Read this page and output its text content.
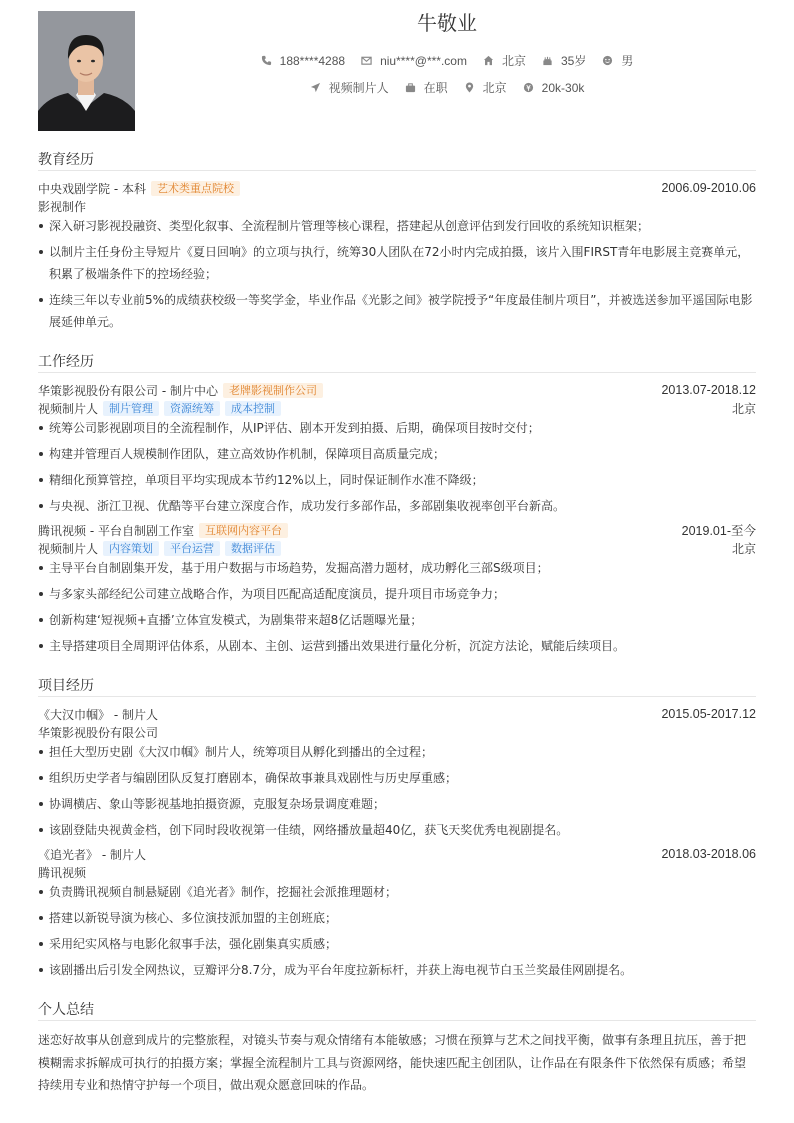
牛敬业
188****4288	niu****@***.com	北京	35岁	男
视频制片人	在职	北京	20k-30k
教育经历
中央戏剧学院 - 本科	艺术类重点院校	2006.09-2010.06
影视制作
深入研习影视投融资、类型化叙事、全流程制片管理等核心课程，搭建起从创意评估到发行回收的系统知识框架；
以制片主任身份主导短片《夏日回响》的立项与执行，统筹30人团队在72小时内完成拍摄，该片入围FIRST青年电影展主竞赛单元，积累了极端条件下的控场经验；
连续三年以专业前5%的成绩获校级一等奖学金，毕业作品《光影之间》被学院授予“年度最佳制片项目”，并被选送参加平遥国际电影展延伸单元。
工作经历
华策影视股份有限公司 - 制片中心	老牌影视制作公司	2013.07-2018.12
视频制片人	制片管理	资源统筹	成本控制	北京
统筹公司影视剧项目的全流程制作，从IP评估、剧本开发到拍摄、后期，确保项目按时交付；
构建并管理百人规模制作团队，建立高效协作机制，保障项目高质量完成；
精细化预算管控，单项目平均实现成本节约12%以上，同时保证制作水准不降级；
与央视、浙江卫视、优酷等平台建立深度合作，成功发行多部作品，多部剧集收视率创平台新高。
腾讯视频 - 平台自制剧工作室	互联网内容平台	2019.01-至今
视频制片人	内容策划	平台运营	数据评估	北京
主导平台自制剧集开发，基于用户数据与市场趋势，发掘高潜力题材，成功孵化三部S级项目；
与多家头部经纪公司建立战略合作，为项目匹配高适配度演员，提升项目市场竞争力；
创新构建‘短视频+直播’立体宣发模式，为剧集带来超8亿话题曝光量；
主导搭建项目全周期评估体系，从剧本、主创、运营到播出效果进行量化分析，沉淀方法论，赋能后续项目。
项目经历
《大汉巾帼》 - 制片人	2015.05-2017.12
华策影视股份有限公司
担任大型历史剧《大汉巾帼》制片人，统筹项目从孵化到播出的全过程；
组织历史学者与编剧团队反复打磨剧本，确保故事兼具戏剧性与历史厚重感；
协调横店、象山等影视基地拍摄资源，克服复杂场景调度难题；
该剧登陆央视黄金档，创下同时段收视第一佳绩，网络播放量超40亿，获飞天奖优秀电视剧提名。
《追光者》 - 制片人	2018.03-2018.06
腾讯视频
负责腾讯视频自制悬疑剧《追光者》制作，挖掘社会派推理题材；
搭建以新锐导演为核心、多位演技派加盟的主创班底；
采用纪实风格与电影化叙事手法，强化剧集真实质感；
该剧播出后引发全网热议，豆瓣评分8.7分，成为平台年度拉新标杆，并获上海电视节白玉兰奖最佳网剧提名。
个人总结
迷恋好故事从创意到成片的完整旅程，对镜头节奏与观众情绪有本能敏感；习惯在预算与艺术之间找平衡，做事有条理且抗压，善于把模糊需求拆解成可执行的拍摄方案；掌握全流程制片工具与资源网络，能快速匹配主创团队，让作品在有限条件下依然保有质感；希望持续用专业和热情守护每一个项目，做出观众愿意回味的作品。
